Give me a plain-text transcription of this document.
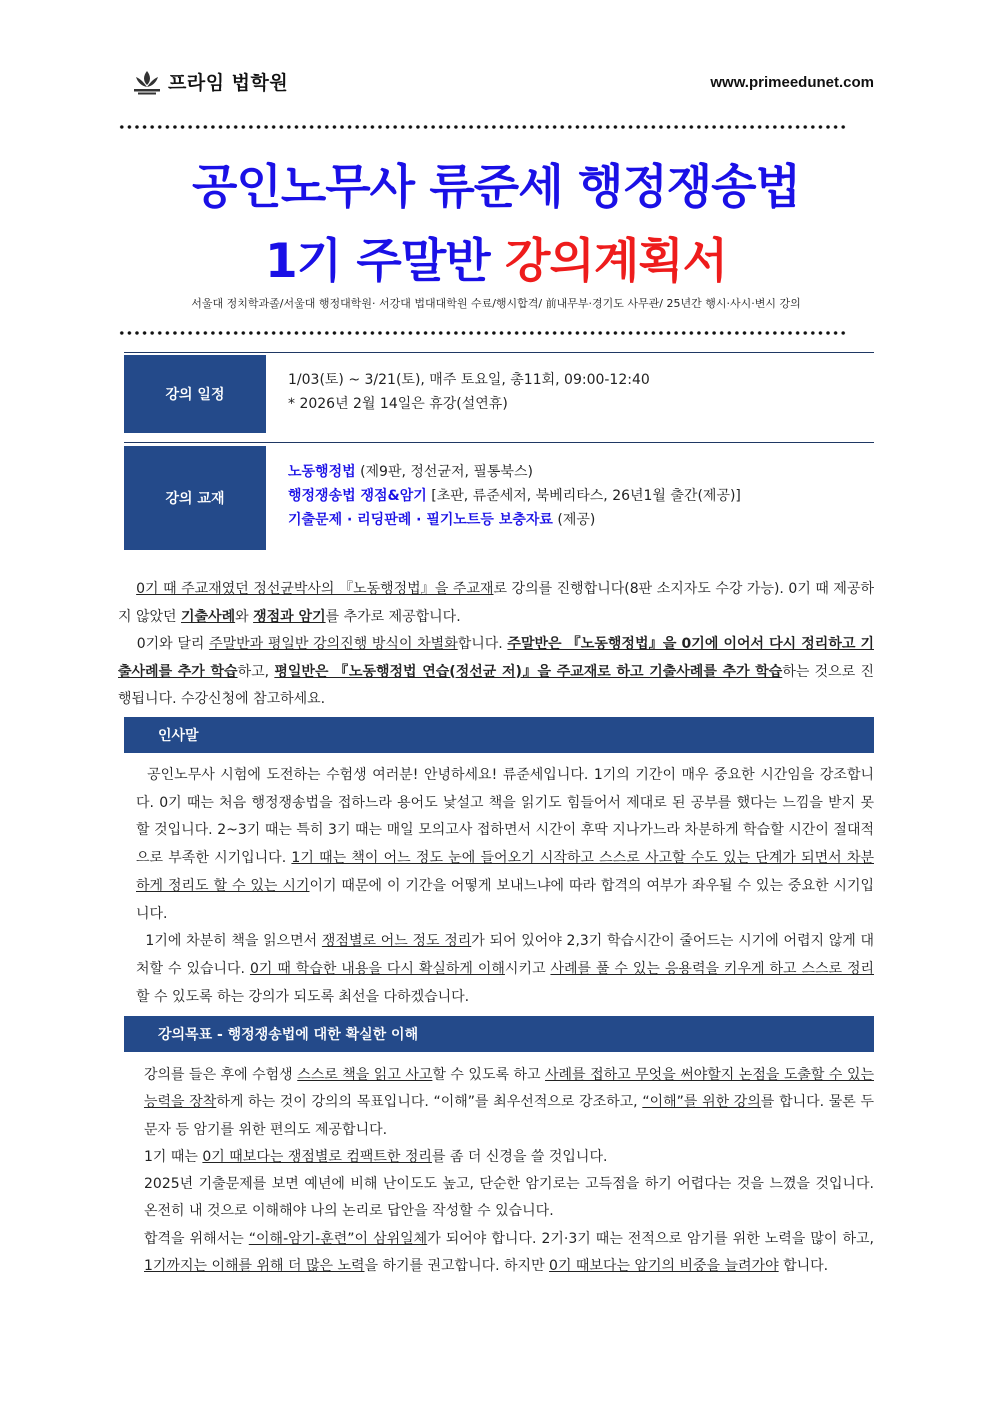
프라임 법학원	www.primeedunet.com
공인노무사 류준세 행정쟁송법
1기 주말반 강의계획서
서울대 정치학과졸/서울대 행정대학원· 서강대 법대대학원 수료/행시합격/ 前내무부·경기도 사무관/ 25년간 행시·사시·변시 강의
강의 일정
1/03(토) ~ 3/21(토), 매주 토요일, 총11회, 09:00-12:40
* 2026년 2월 14일은 휴강(설연휴)
강의 교재
노동행정법 (제9판, 정선균저, 필통북스)
행정쟁송법 쟁점&암기 [초판, 류준세저, 북베리타스, 26년1월 출간(제공)]
기출문제 · 리딩판례 · 필기노트등 보충자료 (제공)
0기 때 주교재였던 정선균박사의 『노동행정법』을 주교재로 강의를 진행합니다(8판 소지자도 수강 가능). 0기 때 제공하지 않았던 기출사례와 쟁점과 암기를 추가로 제공합니다.
0기와 달리 주말반과 평일반 강의진행 방식이 차별화합니다. 주말반은 『노동행정법』을 0기에 이어서 다시 정리하고 기출사례를 추가 학습하고, 평일반은 『노동행정법 연습(정선균 저)』을 주교재로 하고 기출사례를 추가 학습하는 것으로 진행됩니다. 수강신청에 참고하세요.
인사말
공인노무사 시험에 도전하는 수험생 여러분! 안녕하세요! 류준세입니다. 1기의 기간이 매우 중요한 시간임을 강조합니다. 0기 때는 처음 행정쟁송법을 접하느라 용어도 낯설고 책을 읽기도 힘들어서 제대로 된 공부를 했다는 느낌을 받지 못할 것입니다. 2~3기 때는 특히 3기 때는 매일 모의고사 접하면서 시간이 후딱 지나가느라 차분하게 학습할 시간이 절대적으로 부족한 시기입니다. 1기 때는 책이 어느 정도 눈에 들어오기 시작하고 스스로 사고할 수도 있는 단계가 되면서 차분하게 정리도 할 수 있는 시기이기 때문에 이 기간을 어떻게 보내느냐에 따라 합격의 여부가 좌우될 수 있는 중요한 시기입니다.
1기에 차분히 책을 읽으면서 쟁점별로 어느 정도 정리가 되어 있어야 2,3기 학습시간이 줄어드는 시기에 어렵지 않게 대처할 수 있습니다. 0기 때 학습한 내용을 다시 확실하게 이해시키고 사례를 풀 수 있는 응용력을 키우게 하고 스스로 정리할 수 있도록 하는 강의가 되도록 최선을 다하겠습니다.
강의목표 - 행정쟁송법에 대한 확실한 이해
강의를 들은 후에 수험생 스스로 책을 읽고 사고할 수 있도록 하고 사례를 접하고 무엇을 써야할지 논점을 도출할 수 있는 능력을 장착하게 하는 것이 강의의 목표입니다. “이해”를 최우선적으로 강조하고, “이해”를 위한 강의를 합니다. 물론 두문자 등 암기를 위한 편의도 제공합니다.
1기 때는 0기 때보다는 쟁점별로 컴팩트한 정리를 좀 더 신경을 쓸 것입니다.
2025년 기출문제를 보면 예년에 비해 난이도도 높고, 단순한 암기로는 고득점을 하기 어렵다는 것을 느꼈을 것입니다. 온전히 내 것으로 이해해야 나의 논리로 답안을 작성할 수 있습니다.
합격을 위해서는 “이해-암기-훈련”이 삼위일체가 되어야 합니다. 2기·3기 때는 전적으로 암기를 위한 노력을 많이 하고, 1기까지는 이해를 위해 더 많은 노력을 하기를 권고합니다. 하지만 0기 때보다는 암기의 비중을 늘려가야 합니다.
